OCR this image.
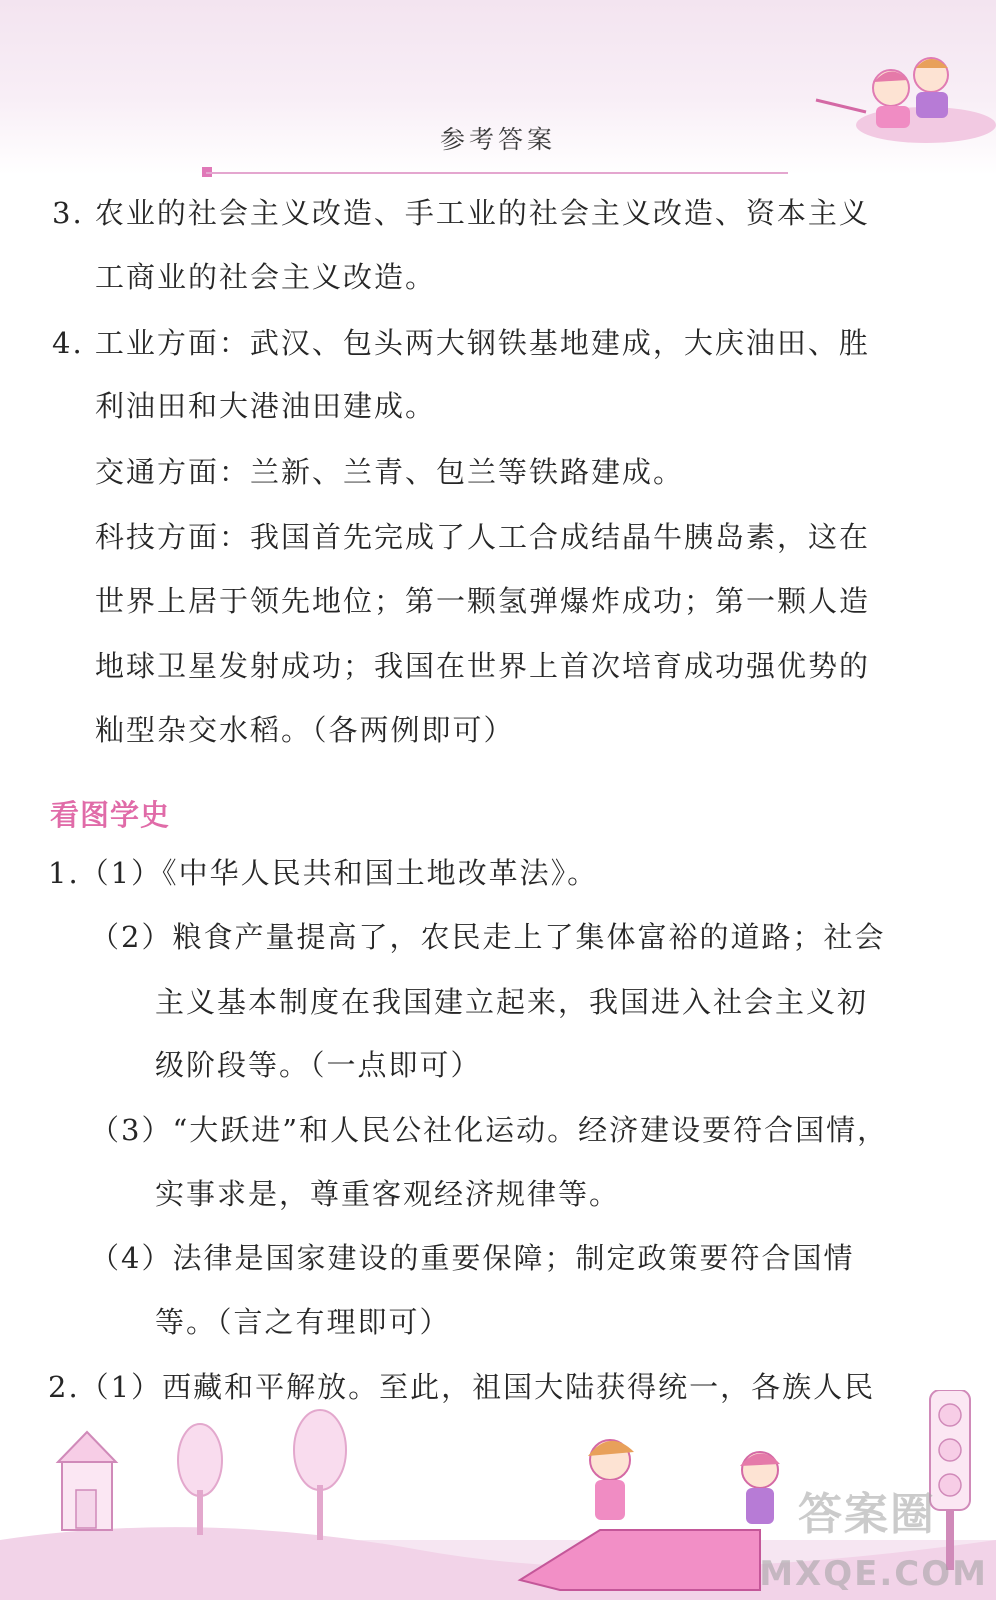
参考答案
3. 农业的社会主义改造、手工业的社会主义改造、资本主义
工商业的社会主义改造。
4. 工业方面：武汉、包头两大钢铁基地建成，大庆油田、胜
利油田和大港油田建成。
交通方面：兰新、兰青、包兰等铁路建成。
科技方面：我国首先完成了人工合成结晶牛胰岛素，这在
世界上居于领先地位；第一颗氢弹爆炸成功；第一颗人造
地球卫星发射成功；我国在世界上首次培育成功强优势的
籼型杂交水稻。（各两例即可）
看图学史
1.（1）《中华人民共和国土地改革法》。
（2）粮食产量提高了，农民走上了集体富裕的道路；社会
主义基本制度在我国建立起来，我国进入社会主义初
级阶段等。（一点即可）
（3）“大跃进”和人民公社化运动。经济建设要符合国情，
实事求是，尊重客观经济规律等。
（4）法律是国家建设的重要保障；制定政策要符合国情
等。（言之有理即可）
2.（1）西藏和平解放。至此，祖国大陆获得统一，各族人民
答案圈
MXQE.COM
